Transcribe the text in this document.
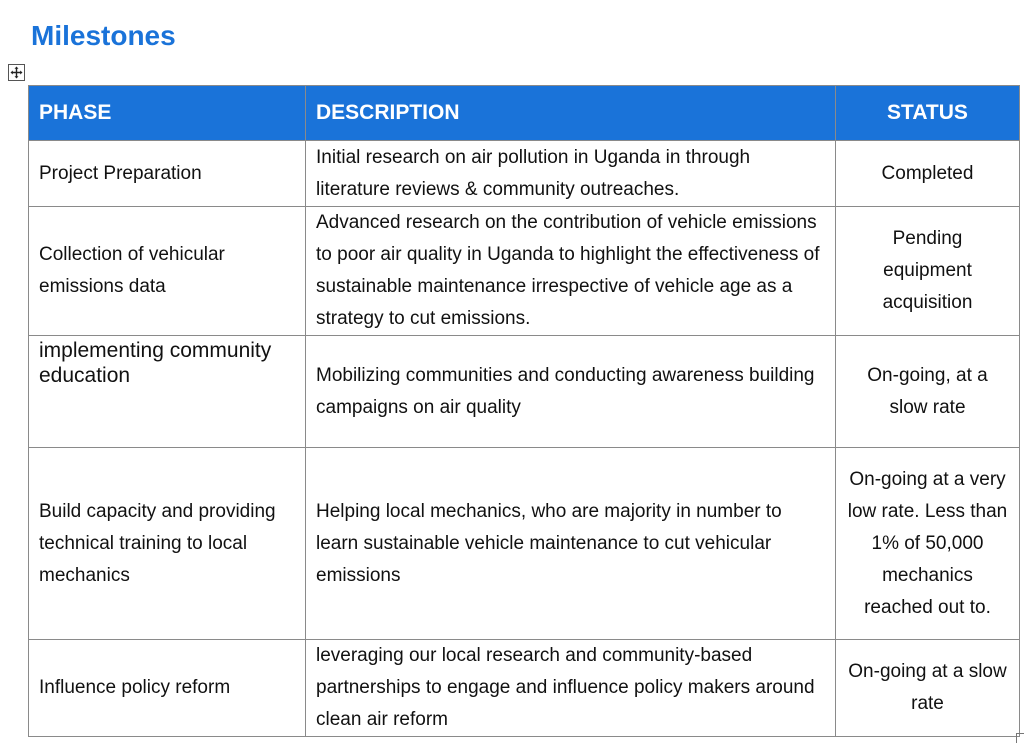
Milestones
PHASE	DESCRIPTION	STATUS
Project Preparation	Initial research on air pollution in Uganda in through literature reviews & community outreaches.	Completed
Collection of vehicular emissions data	Advanced research on the contribution of vehicle emissions to poor air quality in Uganda to highlight the effectiveness of sustainable maintenance irrespective of vehicle age as a strategy to cut emissions.	Pending equipment acquisition
implementing community education	Mobilizing communities and conducting awareness building campaigns on air quality	On-going, at a slow rate
Build capacity and providing technical training to local mechanics	Helping local mechanics, who are majority in number to learn sustainable vehicle maintenance to cut vehicular emissions	On-going at a very low rate. Less than 1% of 50,000 mechanics reached out to.
Influence policy reform	leveraging our local research and community-based partnerships to engage and influence policy makers around clean air reform	On-going at a slow rate
